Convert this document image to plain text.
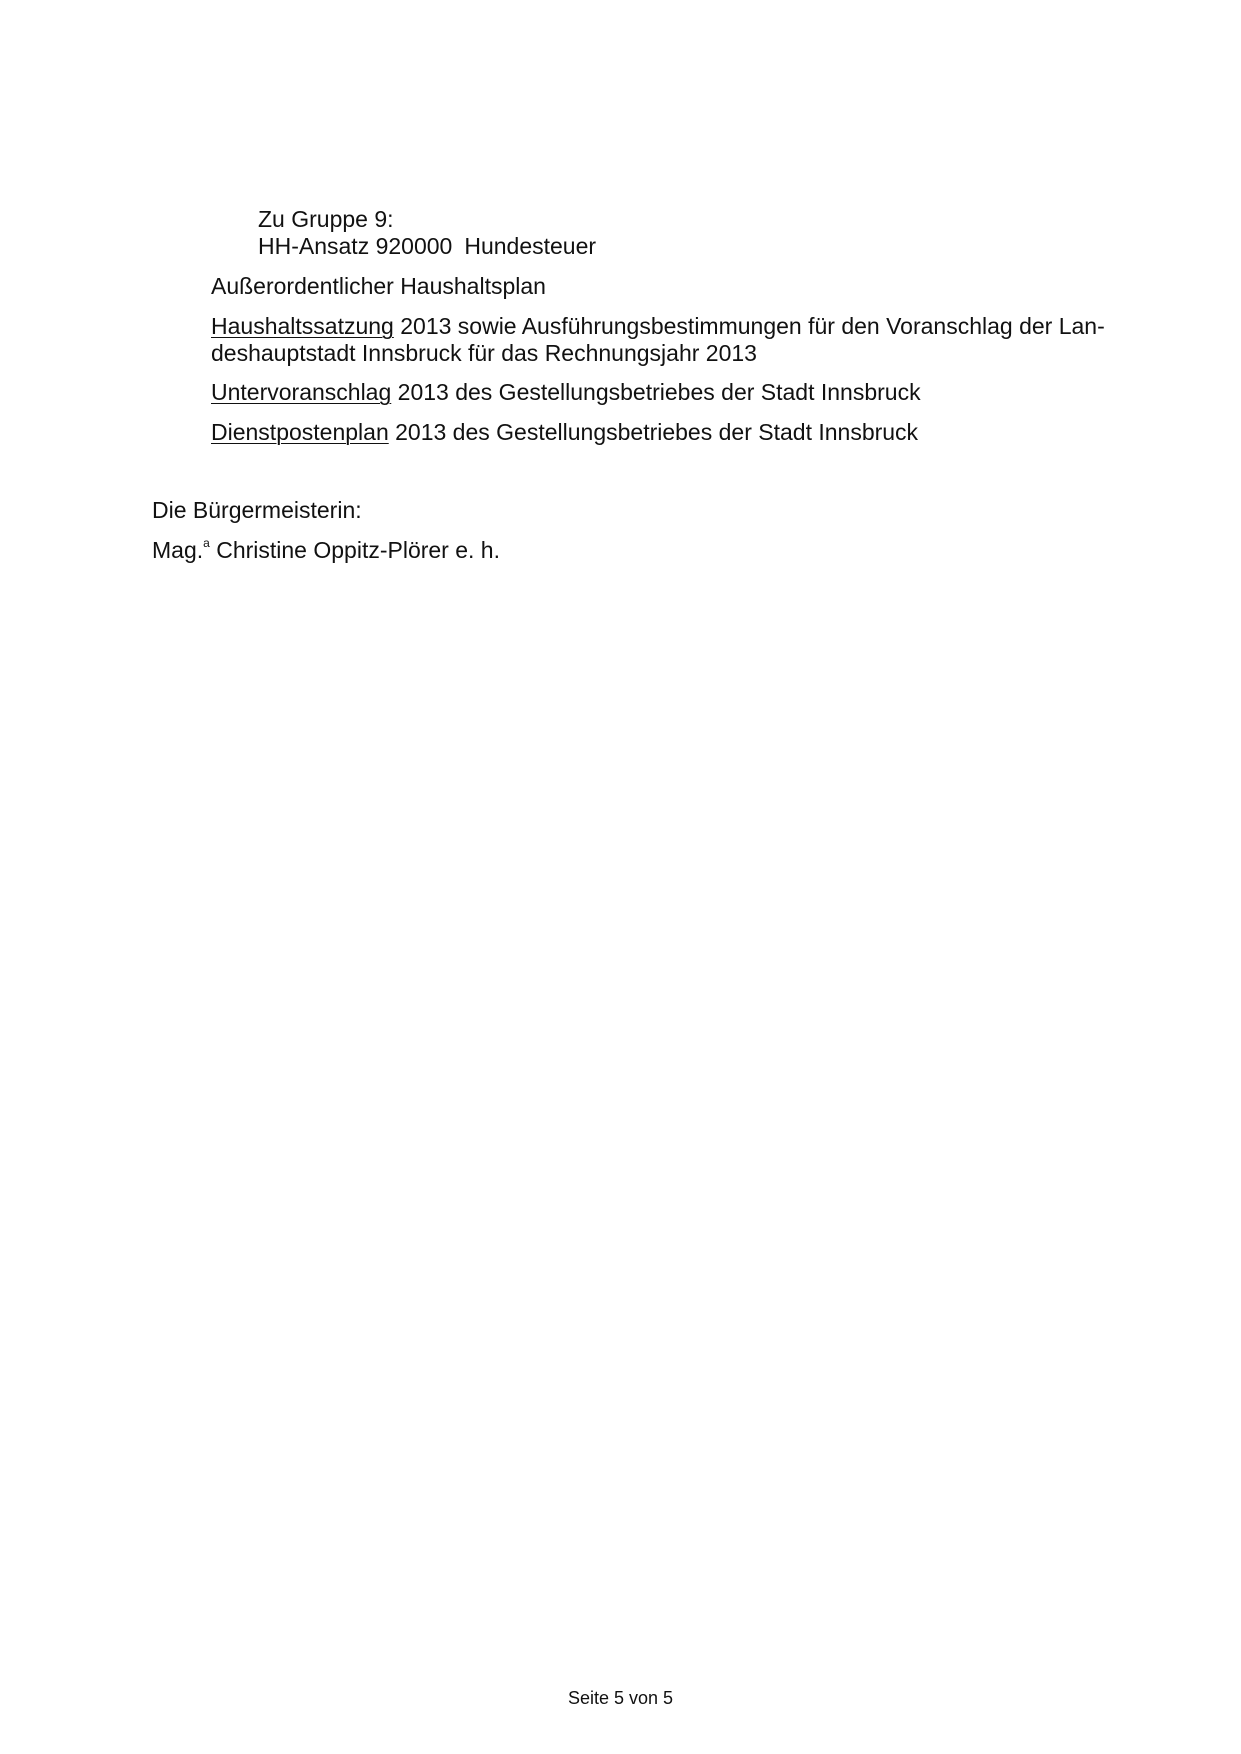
Zu Gruppe 9:
HH-Ansatz 920000 Hundesteuer
Außerordentlicher Haushaltsplan
Haushaltssatzung 2013 sowie Ausführungsbestimmungen für den Voranschlag der Lan-
deshauptstadt Innsbruck für das Rechnungsjahr 2013
Untervoranschlag 2013 des Gestellungsbetriebes der Stadt Innsbruck
Dienstpostenplan 2013 des Gestellungsbetriebes der Stadt Innsbruck
Die Bürgermeisterin:
Mag.$^a$ Christine Oppitz-Plörer e. h.
Seite 5 von 5
